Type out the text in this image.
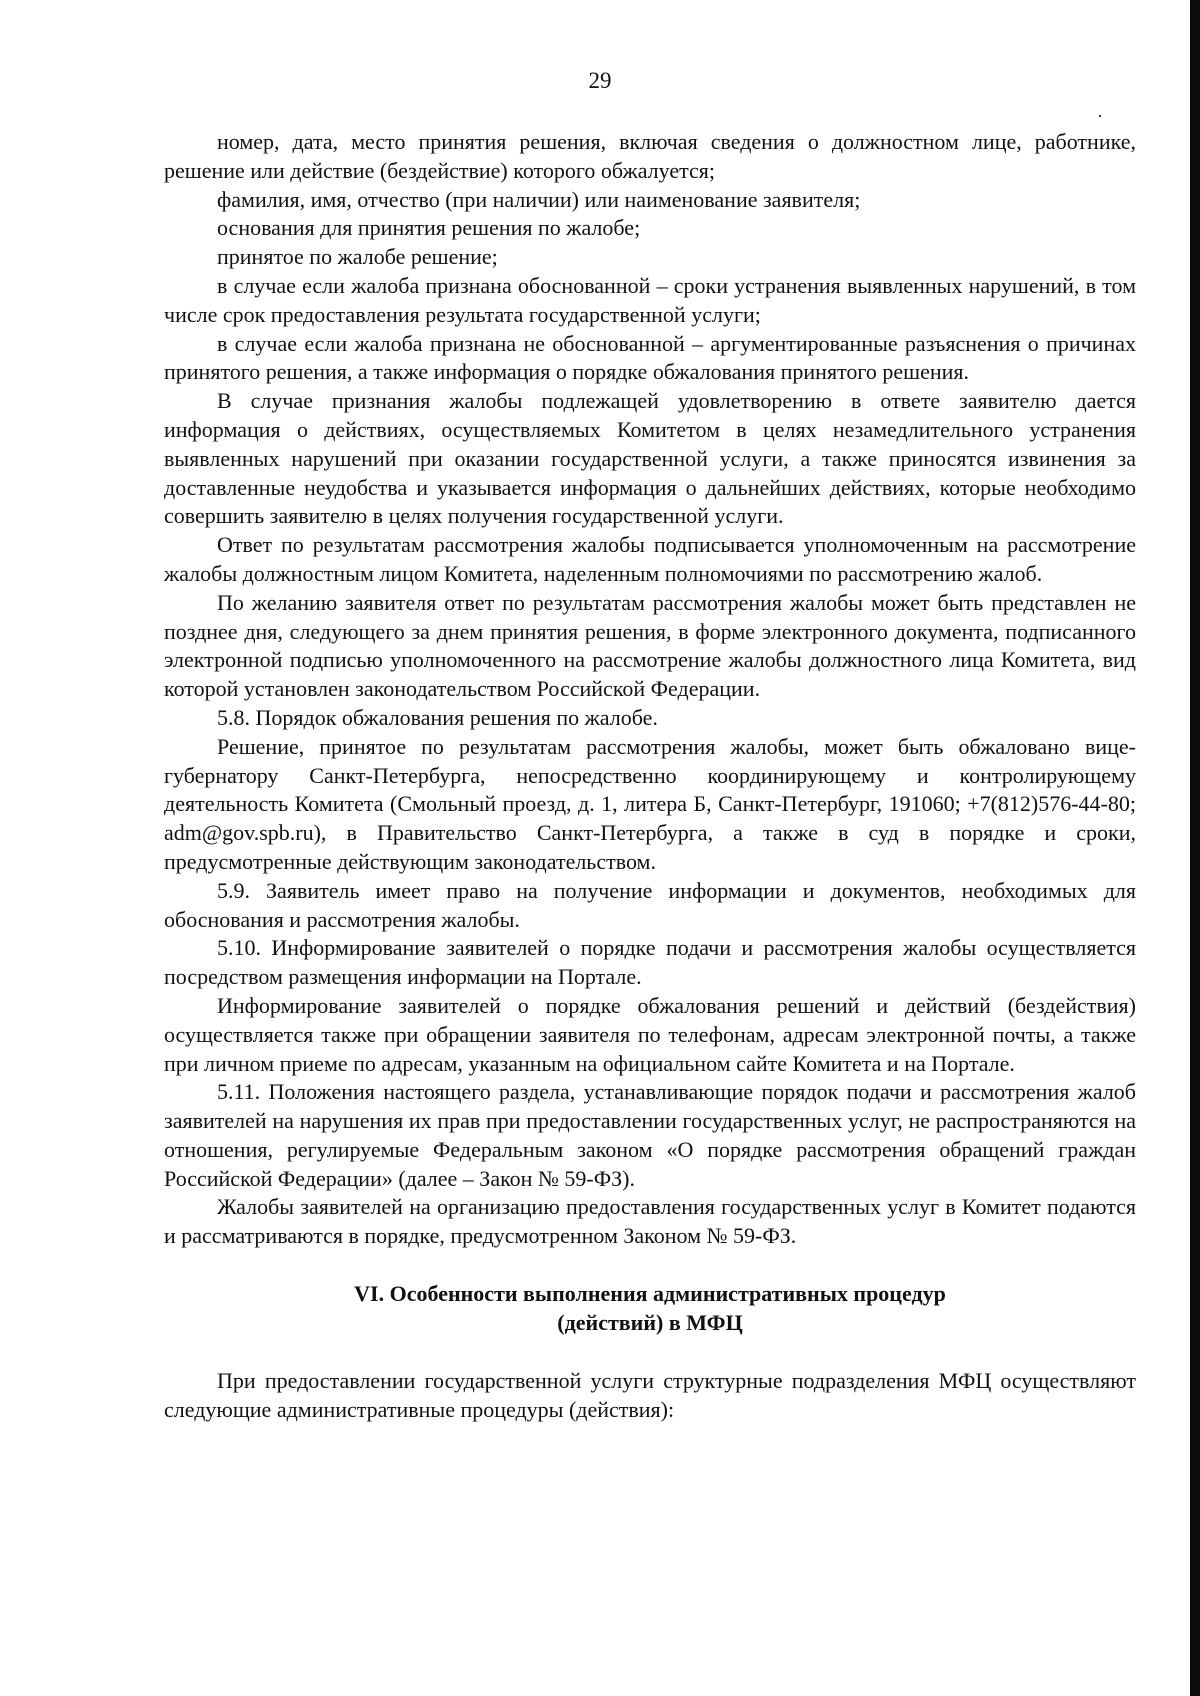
29

номер, дата, место принятия решения, включая сведения о должностном лице, работнике, решение или действие (бездействие) которого обжалуется;

фамилия, имя, отчество (при наличии) или наименование заявителя;

основания для принятия решения по жалобе;

принятое по жалобе решение;

в случае если жалоба признана обоснованной – сроки устранения выявленных нарушений, в том числе срок предоставления результата государственной услуги;

в случае если жалоба признана не обоснованной – аргументированные разъяснения о причинах принятого решения, а также информация о порядке обжалования принятого решения.

В случае признания жалобы подлежащей удовлетворению в ответе заявителю дается информация о действиях, осуществляемых Комитетом в целях незамедлительного устранения выявленных нарушений при оказании государственной услуги, а также приносятся извинения за доставленные неудобства и указывается информация о дальнейших действиях, которые необходимо совершить заявителю в целях получения государственной услуги.

Ответ по результатам рассмотрения жалобы подписывается уполномоченным на рассмотрение жалобы должностным лицом Комитета, наделенным полномочиями по рассмотрению жалоб.

По желанию заявителя ответ по результатам рассмотрения жалобы может быть представлен не позднее дня, следующего за днем принятия решения, в форме электронного документа, подписанного электронной подписью уполномоченного на рассмотрение жалобы должностного лица Комитета, вид которой установлен законодательством Российской Федерации.

5.8. Порядок обжалования решения по жалобе.

Решение, принятое по результатам рассмотрения жалобы, может быть обжаловано вице-губернатору Санкт-Петербурга, непосредственно координирующему и контролирующему деятельность Комитета (Смольный проезд, д. 1, литера Б, Санкт-Петербург, 191060; +7(812)576-44-80; adm@gov.spb.ru), в Правительство Санкт-Петербурга, а также в суд в порядке и сроки, предусмотренные действующим законодательством.

5.9. Заявитель имеет право на получение информации и документов, необходимых для обоснования и рассмотрения жалобы.

5.10. Информирование заявителей о порядке подачи и рассмотрения жалобы осуществляется посредством размещения информации на Портале.

Информирование заявителей о порядке обжалования решений и действий (бездействия) осуществляется также при обращении заявителя по телефонам, адресам электронной почты, а также при личном приеме по адресам, указанным на официальном сайте Комитета и на Портале.

5.11. Положения настоящего раздела, устанавливающие порядок подачи и рассмотрения жалоб заявителей на нарушения их прав при предоставлении государственных услуг, не распространяются на отношения, регулируемые Федеральным законом «О порядке рассмотрения обращений граждан Российской Федерации» (далее – Закон № 59-ФЗ).

Жалобы заявителей на организацию предоставления государственных услуг в Комитет подаются и рассматриваются в порядке, предусмотренном Законом № 59-ФЗ.

VI. Особенности выполнения административных процедур
(действий) в МФЦ

При предоставлении государственной услуги структурные подразделения МФЦ осуществляют следующие административные процедуры (действия):
